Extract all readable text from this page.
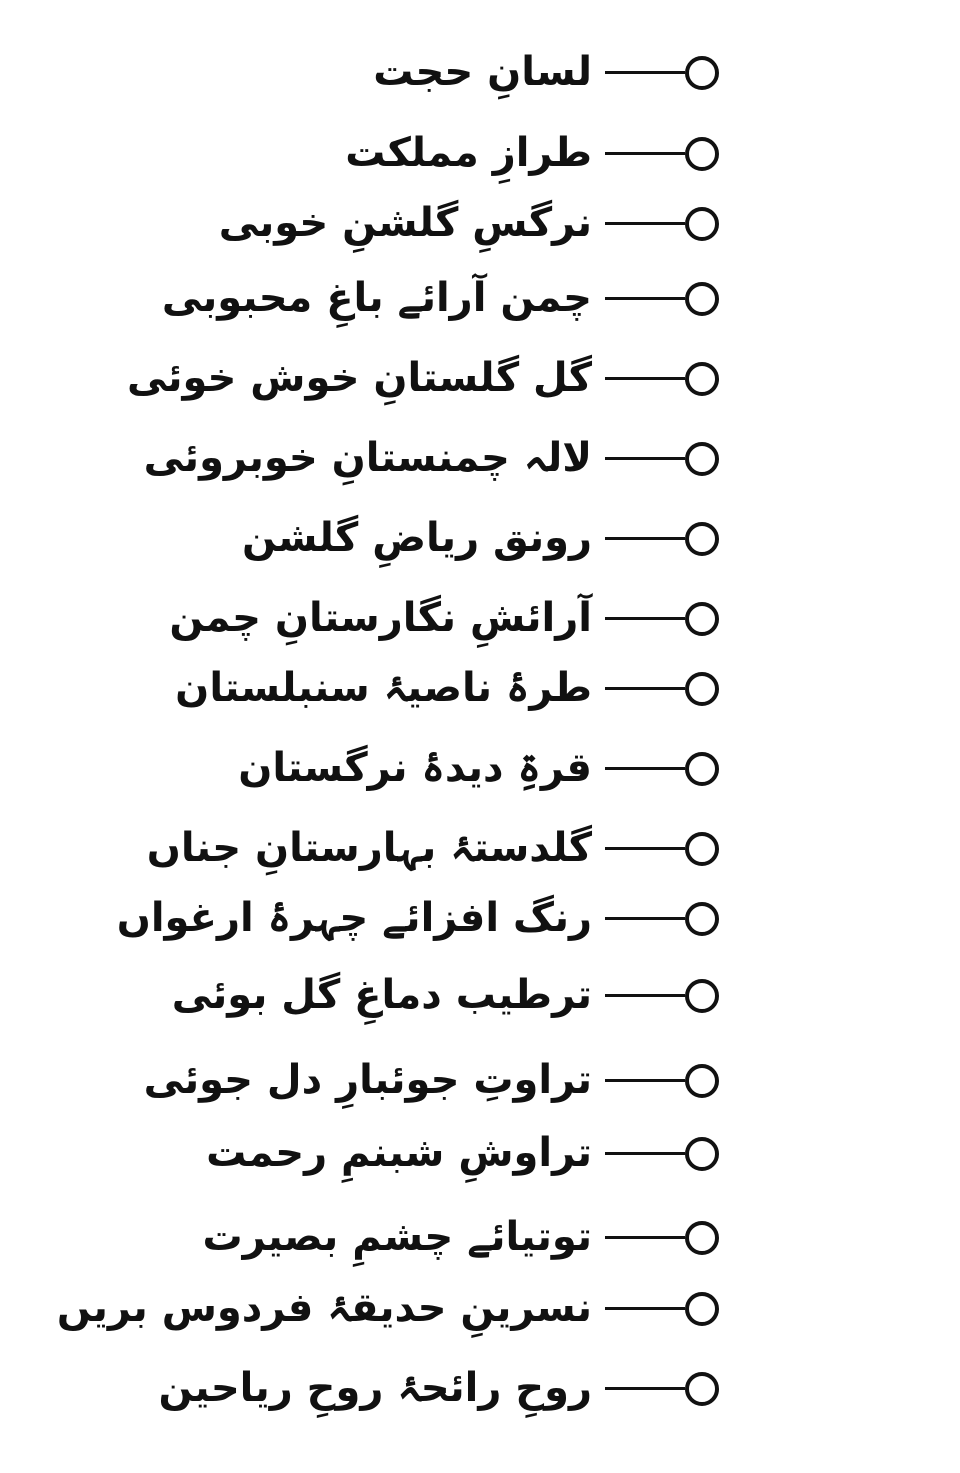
لسانِ حجت
طرازِ مملکت
نرگسِ گلشنِ خوبی
چمن آرائے باغِ محبوبی
گل گلستانِ خوش خوئی
لالہ چمنستانِ خوبروئی
رونق ریاضِ گلشن
آرائشِ نگارستانِ چمن
طرۂ ناصیۂ سنبلستان
قرۃِ دیدۂ نرگستان
گلدستۂ بہارستانِ جناں
رنگ افزائے چہرۂ ارغواں
ترطیب دماغِ گل بوئی
تراوتِ جوئبارِ دل جوئی
تراوشِ شبنمِ رحمت
توتیائے چشمِ بصیرت
نسرینِ حدیقۂ فردوس بریں
روحِ رائحۂ روحِ ریاحین
